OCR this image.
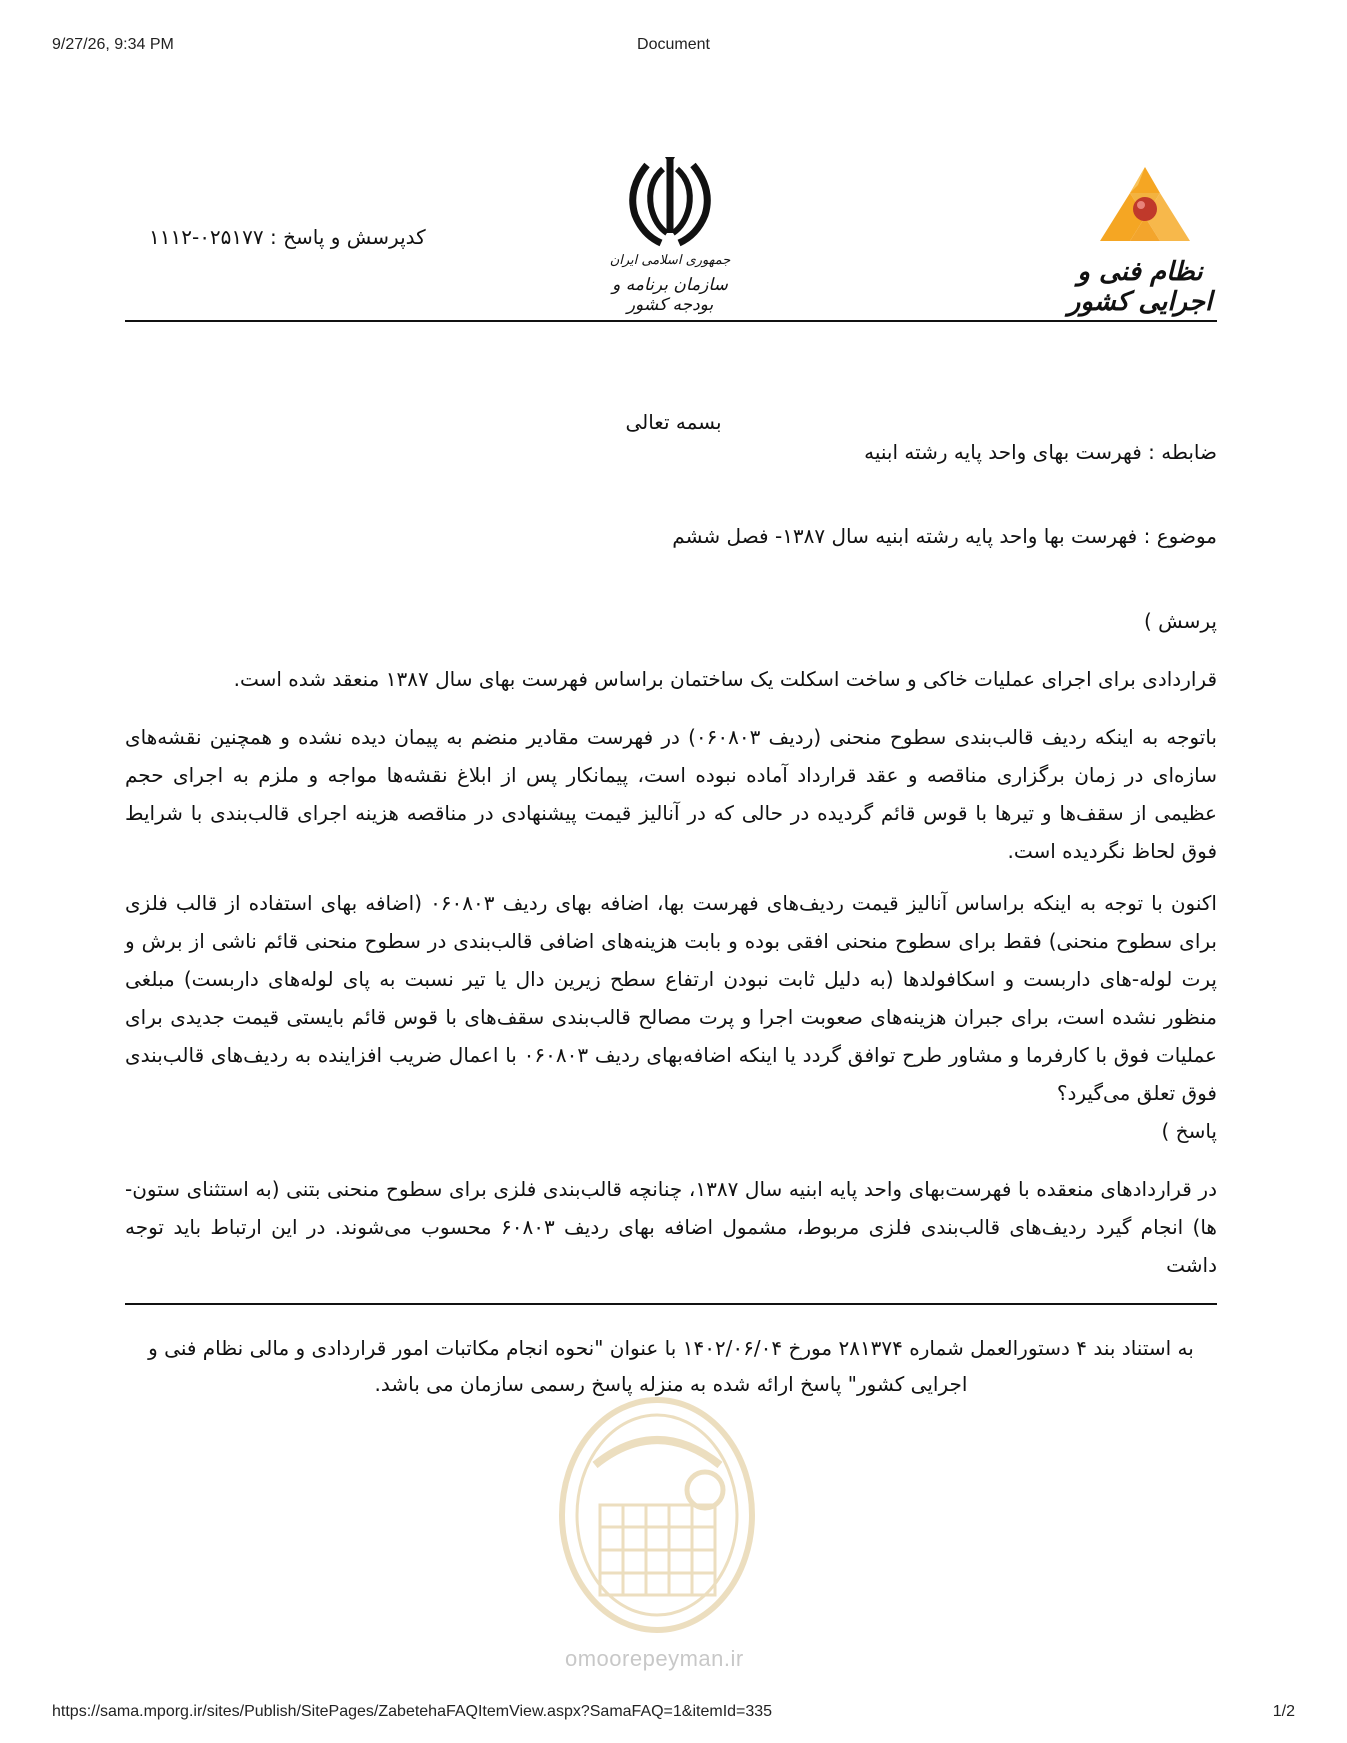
9/27/26, 9:34 PM	Document
کدپرسش و پاسخ : ۰۲۵۱۷۷-۱۱۱۲
جمهوری اسلامی ایران
سازمان برنامه و بودجه کشور
نظام فنی و اجرایی کشور
بسمه تعالی

ضابطه : فهرست بهای واحد پایه رشته ابنیه

موضوع : فهرست بها واحد پایه رشته ابنیه سال ۱۳۸۷- فصل ششم

پرسش )

قراردادی برای اجرای عملیات خاکی و ساخت اسکلت یک ساختمان براساس فهرست بهای سال ۱۳۸۷ منعقد شده است.

باتوجه به اینکه ردیف قالب‌بندی سطوح منحنی (ردیف ۰۶۰۸۰۳) در فهرست مقادیر منضم به پیمان دیده نشده و همچنین نقشه‌های سازه‌ای در زمان برگزاری مناقصه و عقد قرارداد آماده نبوده است، پیمانکار پس از ابلاغ نقشه‌ها مواجه و ملزم به اجرای حجم عظیمی از سقف‌ها و تیرها با قوس قائم گردیده در حالی که در آنالیز قیمت پیشنهادی در مناقصه هزینه اجرای قالب‌بندی با شرایط فوق لحاظ نگردیده است.

اکنون با توجه به اینکه براساس آنالیز قیمت ردیف‌های فهرست بها، اضافه بهای ردیف ۰۶۰۸۰۳ (اضافه بهای استفاده از قالب فلزی برای سطوح منحنی) فقط برای سطوح منحنی افقی بوده و بابت هزینه‌های اضافی قالب‌بندی در سطوح منحنی قائم ناشی از برش و پرت لوله-های داربست و اسکافولدها (به دلیل ثابت نبودن ارتفاع سطح زیرین دال یا تیر نسبت به پای لوله‌های داربست) مبلغی منظور نشده است، برای جبران هزینه‌های صعوبت اجرا و پرت مصالح قالب‌بندی سقف‌های با قوس قائم بایستی قیمت جدیدی برای عملیات فوق با کارفرما و مشاور طرح توافق گردد یا اینکه اضافه‌بهای ردیف ۰۶۰۸۰۳ با اعمال ضریب افزاینده به ردیف‌های قالب‌بندی فوق تعلق می‌گیرد؟

پاسخ )

در قراردادهای منعقده با فهرست‌بهای واحد پایه ابنیه سال ۱۳۸۷، چنانچه قالب‌بندی فلزی برای سطوح منحنی بتنی (به استثنای ستون-ها) انجام گیرد ردیف‌های قالب‌بندی فلزی مربوط، مشمول اضافه بهای ردیف ۶۰۸۰۳ محسوب می‌شوند. در این ارتباط باید توجه داشت

omoorepeyman.ir

به استناد بند ۴ دستورالعمل شماره ۲۸۱۳۷۴ مورخ ۱۴۰۲/۰۶/۰۴ با عنوان "نحوه انجام مکاتبات امور قراردادی و مالی نظام فنی و اجرایی کشور" پاسخ ارائه شده به منزله پاسخ رسمی سازمان می باشد.

https://sama.mporg.ir/sites/Publish/SitePages/ZabetehaFAQItemView.aspx?SamaFAQ=1&itemId=335	1/2
